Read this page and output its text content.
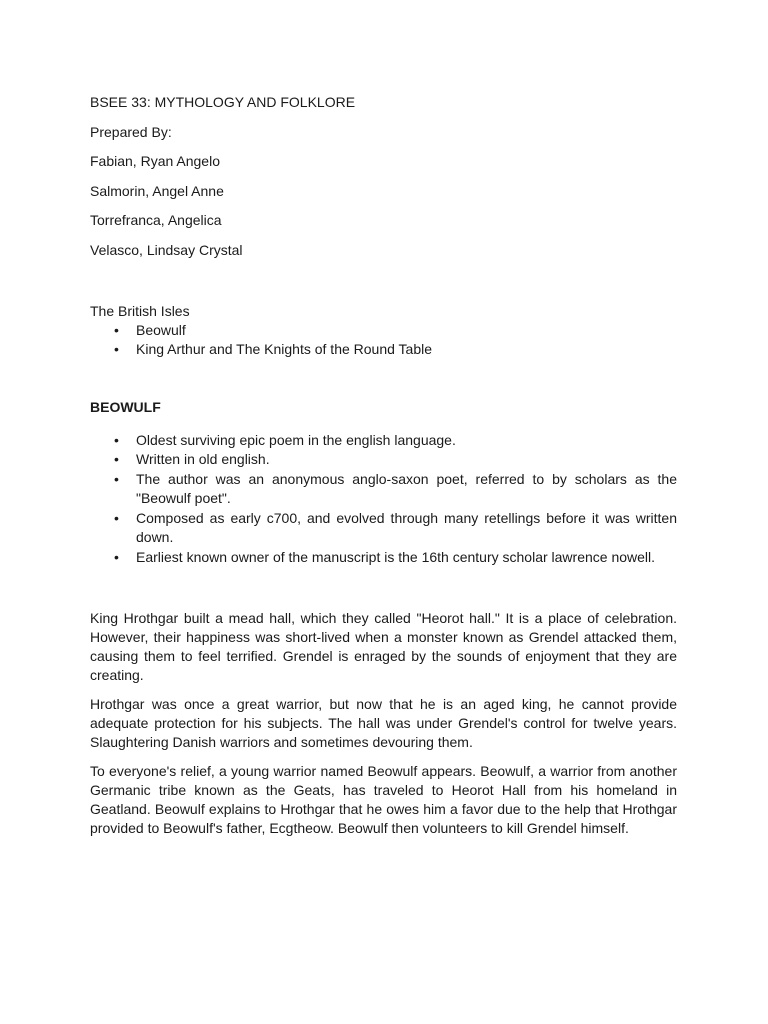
BSEE 33: MYTHOLOGY AND FOLKLORE

Prepared By:

Fabian, Ryan Angelo

Salmorin, Angel Anne

Torrefranca, Angelica

Velasco, Lindsay Crystal

The British Isles

• Beowulf
• King Arthur and The Knights of the Round Table

BEOWULF

• Oldest surviving epic poem in the english language.
• Written in old english.
• The author was an anonymous anglo-saxon poet, referred to by scholars as the "Beowulf poet".
• Composed as early c700, and evolved through many retellings before it was written down.
• Earliest known owner of the manuscript is the 16th century scholar lawrence nowell.

King Hrothgar built a mead hall, which they called "Heorot hall." It is a place of celebration. However, their happiness was short-lived when a monster known as Grendel attacked them, causing them to feel terrified. Grendel is enraged by the sounds of enjoyment that they are creating.

Hrothgar was once a great warrior, but now that he is an aged king, he cannot provide adequate protection for his subjects. The hall was under Grendel's control for twelve years. Slaughtering Danish warriors and sometimes devouring them.

To everyone's relief, a young warrior named Beowulf appears. Beowulf, a warrior from another Germanic tribe known as the Geats, has traveled to Heorot Hall from his homeland in Geatland. Beowulf explains to Hrothgar that he owes him a favor due to the help that Hrothgar provided to Beowulf's father, Ecgtheow. Beowulf then volunteers to kill Grendel himself.
